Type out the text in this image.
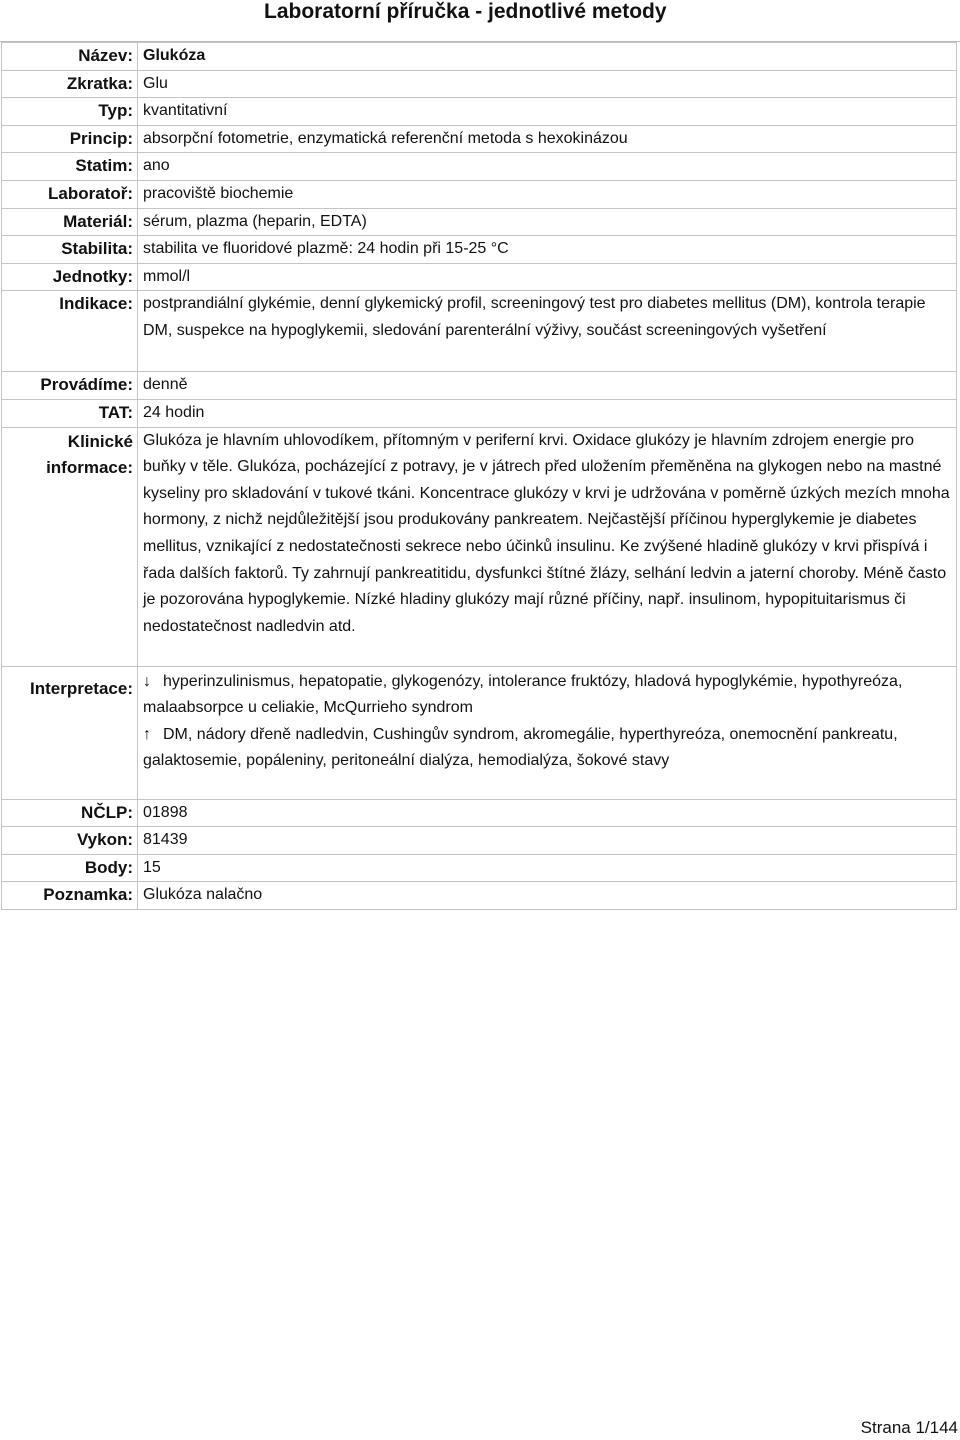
Laboratorní příručka - jednotlivé metody
Název:	Glukóza
Zkratka:	Glu
Typ:	kvantitativní
Princip:	absorpční fotometrie, enzymatická referenční metoda s hexokinázou
Statim:	ano
Laboratoř:	pracoviště biochemie
Materiál:	sérum, plazma (heparin, EDTA)
Stabilita:	stabilita ve fluoridové plazmě: 24 hodin při 15-25 °C
Jednotky:	mmol/l
Indikace:	postprandiální glykémie, denní glykemický profil, screeningový test pro diabetes mellitus (DM), kontrola terapie DM, suspekce na hypoglykemii, sledování parenterální výživy, součást screeningových vyšetření
Provádíme:	denně
TAT:	24 hodin
Klinické
informace:	Glukóza je hlavním uhlovodíkem, přítomným v periferní krvi. Oxidace glukózy je hlavním zdrojem energie pro buňky v těle. Glukóza, pocházející z potravy, je v játrech před uložením přeměněna na glykogen nebo na mastné kyseliny pro skladování v tukové tkáni. Koncentrace glukózy v krvi je udržována v poměrně úzkých mezích mnoha hormony, z nichž nejdůležitější jsou produkovány pankreatem. Nejčastější příčinou hyperglykemie je diabetes mellitus, vznikající z nedostatečnosti sekrece nebo účinků insulinu. Ke zvýšené hladině glukózy v krvi přispívá i řada dalších faktorů. Ty zahrnují pankreatitidu, dysfunkci štítné žlázy, selhání ledvin a jaterní choroby. Méně často je pozorována hypoglykemie. Nízké hladiny glukózy mají různé příčiny, např. insulinom, hypopituitarismus či nedostatečnost nadledvin atd.
Interpretace:	↓ hyperinzulinismus, hepatopatie, glykogenózy, intolerance fruktózy, hladová hypoglykémie, hypothyreóza, malaabsorpce u celiakie, McQurrieho syndrom
↑ DM, nádory dřeně nadledvin, Cushingův syndrom, akromegálie, hyperthyreóza, onemocnění pankreatu, galaktosemie, popáleniny, peritoneální dialýza, hemodialýza, šokové stavy

NČLP:	01898
Vykon:	81439
Body:	15
Poznamka:	Glukóza nalačno
Strana 1/144
